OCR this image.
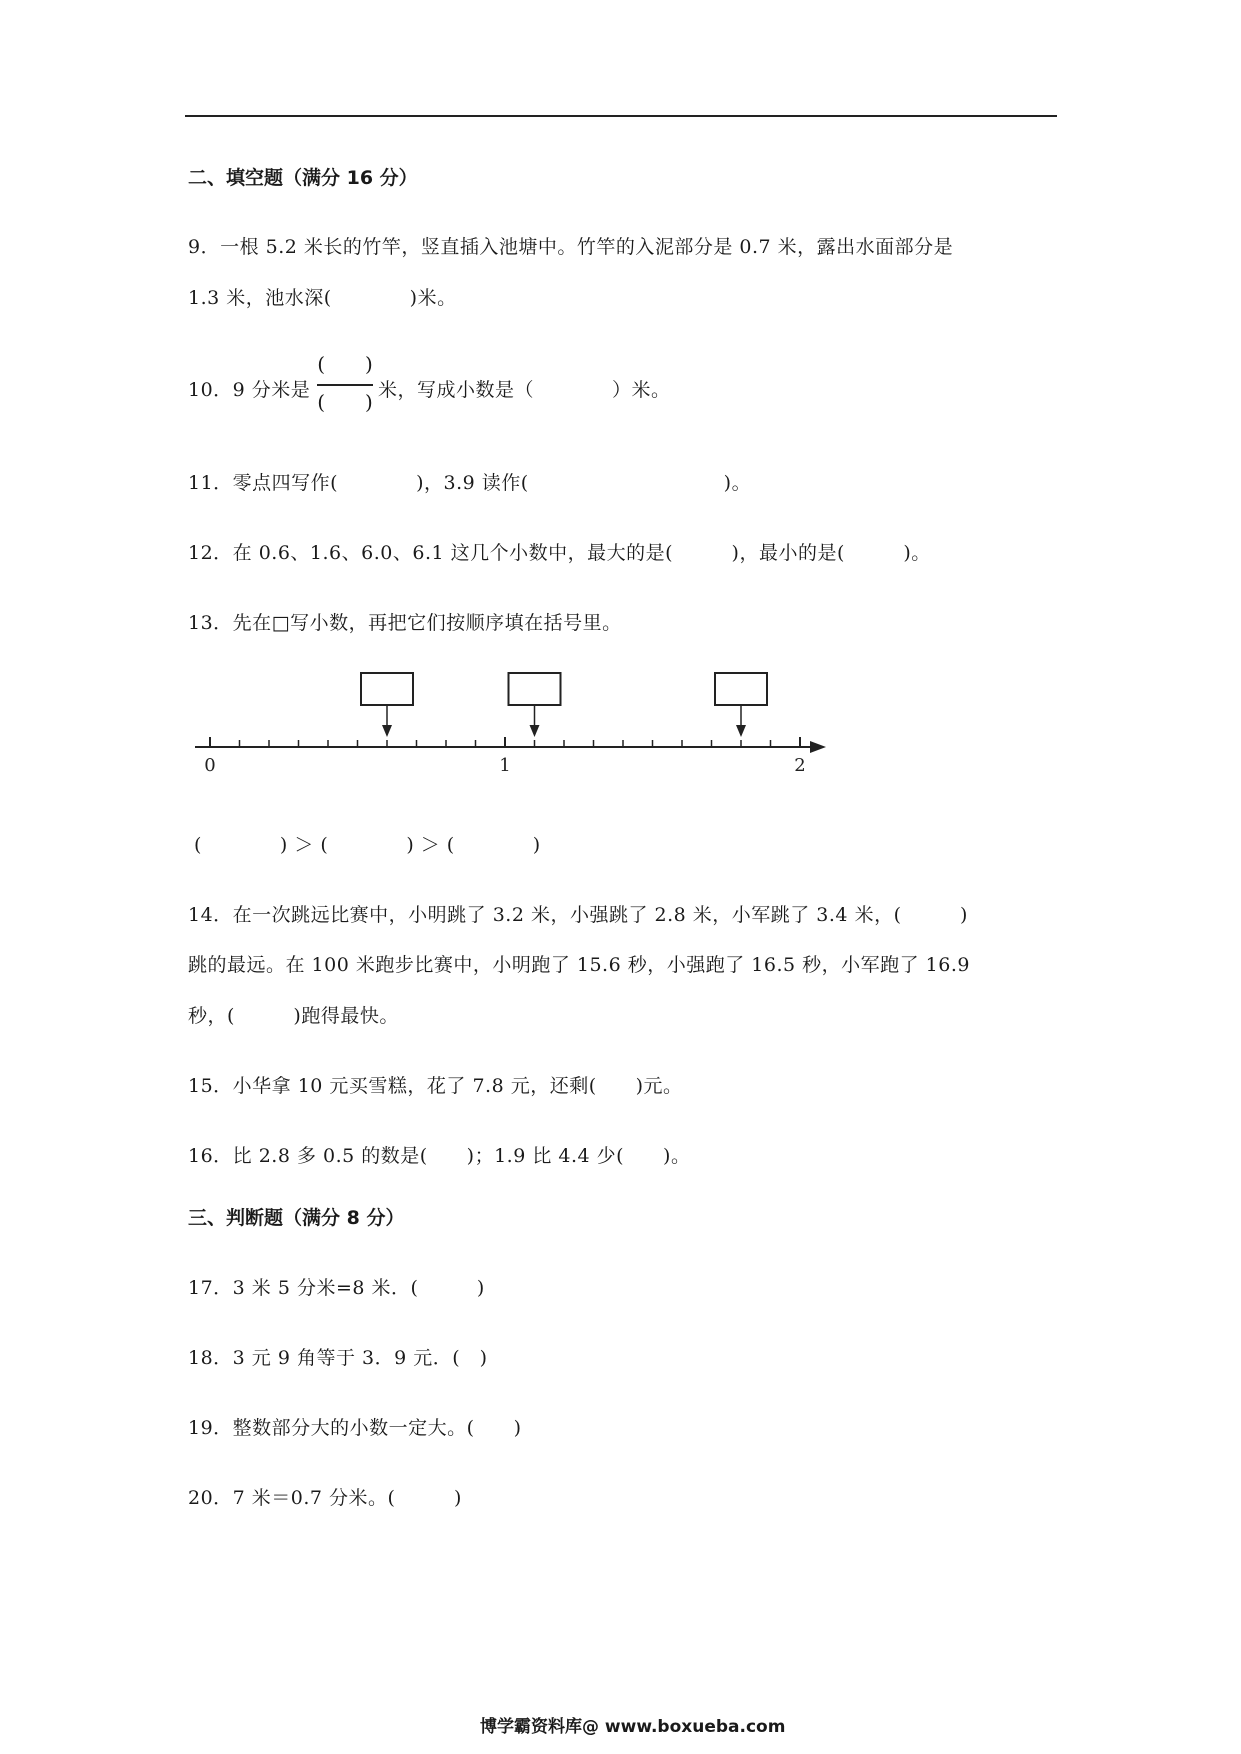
二、填空题（满分 16 分）
9．一根 5.2 米长的竹竿，竖直插入池塘中。竹竿的入泥部分是 0.7 米，露出水面部分是
1.3 米，池水深(　　　　)米。
10．9 分米是
(　　)
(　　) 米，写成小数是（　　　　）米。
11．零点四写作(　　　　)，3.9 读作(　　　　　　　　　　)。
12．在 0.6、1.6、6.0、6.1 这几个小数中，最大的是(　　　)，最小的是(　　　)。
13．先在□写小数，再把它们按顺序填在括号里。
0	1	2
(　　　　) ＞ (　　　　) ＞ (　　　　)
14．在一次跳远比赛中，小明跳了 3.2 米，小强跳了 2.8 米，小军跳了 3.4 米，(　　　)
跳的最远。在 100 米跑步比赛中，小明跑了 15.6 秒，小强跑了 16.5 秒，小军跑了 16.9
秒，(　　　)跑得最快。
15．小华拿 10 元买雪糕，花了 7.8 元，还剩(　　)元。
16．比 2.8 多 0.5 的数是(　　)；1.9 比 4.4 少(　　)。
三、判断题（满分 8 分）
17．3 米 5 分米=8 米．(　　　)
18．3 元 9 角等于 3．9 元．(　)
19．整数部分大的小数一定大。(　　)
20．7 米＝0.7 分米。(　　　)
博学霸资料库@ www.boxueba.com
